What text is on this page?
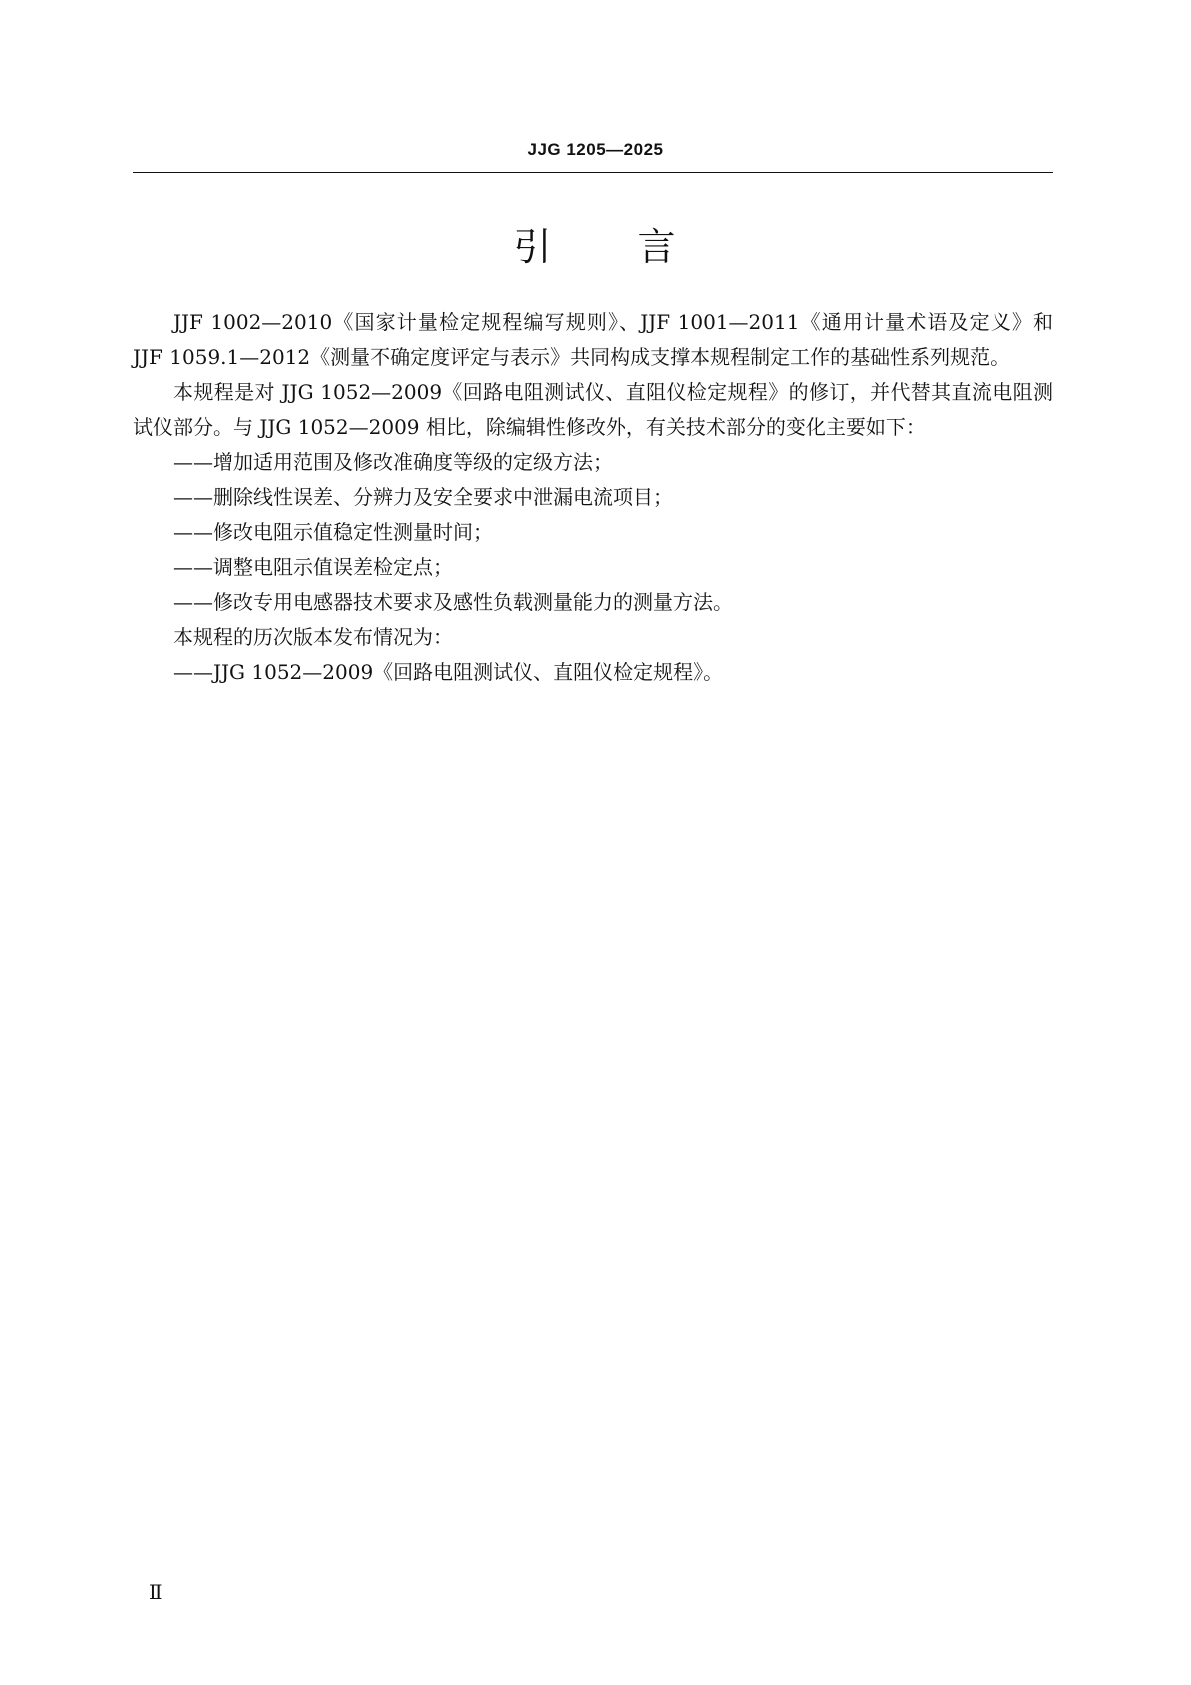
JJG 1205—2025
引 言

JJF 1002—2010《国家计量检定规程编写规则》、JJF 1001—2011《通用计量术语及定义》和 JJF 1059.1—2012《测量不确定度评定与表示》共同构成支撑本规程制定工作的基础性系列规范。

本规程是对 JJG 1052—2009《回路电阻测试仪、直阻仪检定规程》的修订，并代替其直流电阻测试仪部分。与 JJG 1052—2009 相比，除编辑性修改外，有关技术部分的变化主要如下：

——增加适用范围及修改准确度等级的定级方法；

——删除线性误差、分辨力及安全要求中泄漏电流项目；

——修改电阻示值稳定性测量时间；

——调整电阻示值误差检定点；

——修改专用电感器技术要求及感性负载测量能力的测量方法。

本规程的历次版本发布情况为：

——JJG 1052—2009《回路电阻测试仪、直阻仪检定规程》。

Ⅱ
